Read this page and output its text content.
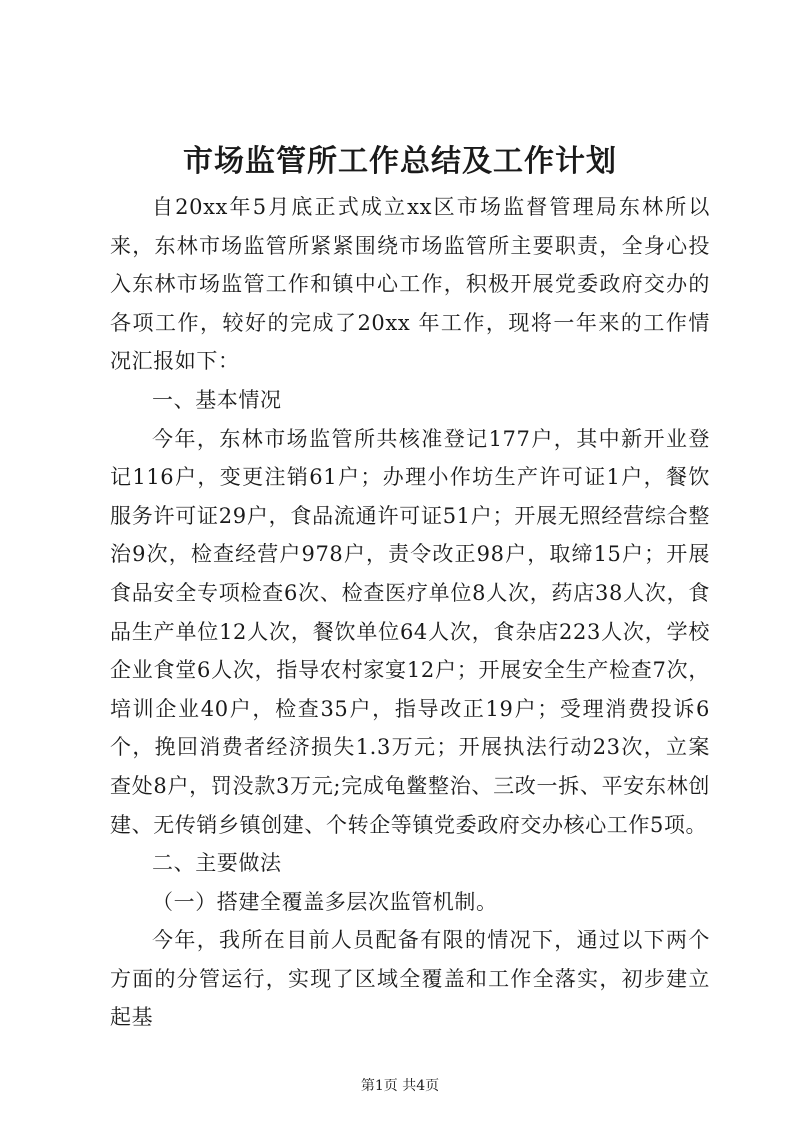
市场监管所工作总结及工作计划

自20xx年5月底正式成立xx区市场监督管理局东林所以来，东林市场监管所紧紧围绕市场监管所主要职责，全身心投入东林市场监管工作和镇中心工作，积极开展党委政府交办的各项工作，较好的完成了20xx 年工作，现将一年来的工作情况汇报如下：

一、基本情况

今年，东林市场监管所共核准登记177户，其中新开业登记116户，变更注销61户；办理小作坊生产许可证1户，餐饮服务许可证29户，食品流通许可证51户；开展无照经营综合整治9次，检查经营户978户，责令改正98户，取缔15户；开展食品安全专项检查6次、检查医疗单位8人次，药店38人次，食品生产单位12人次，餐饮单位64人次，食杂店223人次，学校企业食堂6人次，指导农村家宴12户；开展安全生产检查7次，培训企业40户，检查35户，指导改正19户；受理消费投诉6个，挽回消费者经济损失1.3万元；开展执法行动23次，立案查处8户，罚没款3万元;完成龟鳖整治、三改一拆、平安东林创建、无传销乡镇创建、个转企等镇党委政府交办核心工作5项。

二、主要做法

（一）搭建全覆盖多层次监管机制。

今年，我所在目前人员配备有限的情况下，通过以下两个方面的分管运行，实现了区域全覆盖和工作全落实，初步建立起基

第1页 共4页
